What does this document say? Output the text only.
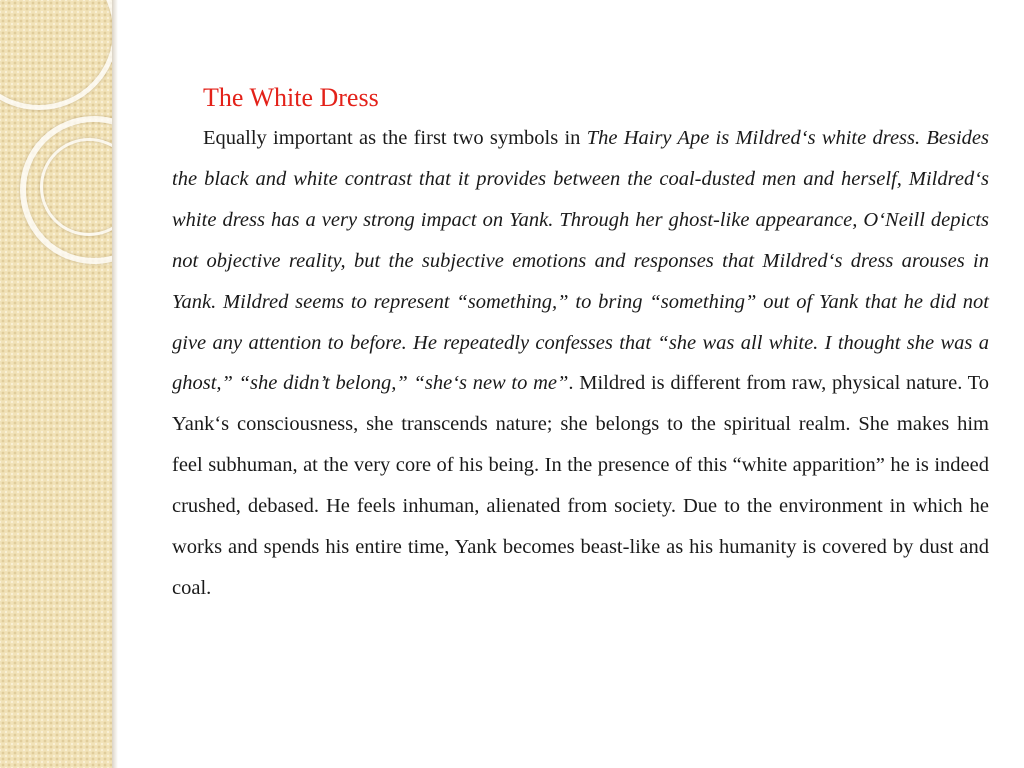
The White Dress

Equally important as the first two symbols in The Hairy Ape is Mildred‘s white dress. Besides the black and white contrast that it provides between the coal-dusted men and herself, Mildred‘s white dress has a very strong impact on Yank. Through her ghost-like appearance, O‘Neill depicts not objective reality, but the subjective emotions and responses that Mildred‘s dress arouses in Yank. Mildred seems to represent “something,” to bring “something” out of Yank that he did not give any attention to before. He repeatedly confesses that “she was all white. I thought she was a ghost,” “she didn’t belong,” “she‘s new to me”. Mildred is different from raw, physical nature. To Yank‘s consciousness, she transcends nature; she belongs to the spiritual realm. She makes him feel subhuman, at the very core of his being. In the presence of this “white apparition” he is indeed crushed, debased. He feels inhuman, alienated from society. Due to the environment in which he works and spends his entire time, Yank becomes beast-like as his humanity is covered by dust and coal.
